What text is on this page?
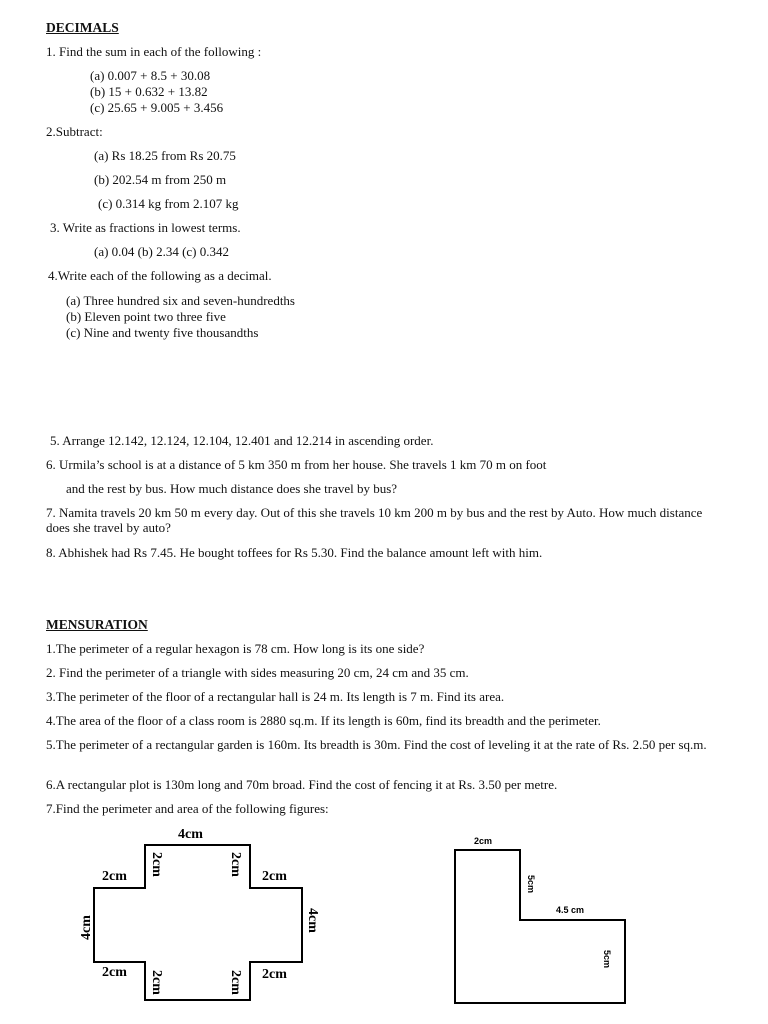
DECIMALS
1. Find the sum in each of the following :
(a) 0.007 + 8.5 + 30.08
(b) 15 + 0.632 + 13.82
(c) 25.65 + 9.005 + 3.456
2.Subtract:
(a) Rs 18.25 from Rs 20.75
(b) 202.54 m from 250 m
(c) 0.314 kg from 2.107 kg
3. Write as fractions in lowest terms.
(a) 0.04 (b) 2.34 (c) 0.342
4.Write each of the following as a decimal.
(a) Three hundred six and seven-hundredths
(b) Eleven point two three five
(c) Nine and twenty five thousandths
5. Arrange 12.142, 12.124, 12.104, 12.401 and 12.214 in ascending order.
6. Urmila’s school is at a distance of 5 km 350 m from her house. She travels 1 km 70 m on foot
and the rest by bus. How much distance does she travel by bus?
7. Namita travels 20 km 50 m every day. Out of this she travels 10 km 200 m by bus and the rest by Auto. How much distance does she travel by auto?
8. Abhishek had Rs 7.45. He bought toffees for Rs 5.30. Find the balance amount left with him.
MENSURATION
1.The perimeter of a regular hexagon is 78 cm. How long is its one side?
2. Find the perimeter of a triangle with sides measuring 20 cm, 24 cm and 35 cm.
3.The perimeter of the floor of a rectangular hall is 24 m. Its length is 7 m. Find its area.
4.The area of the floor of a class room is 2880 sq.m. If its length is 60m, find its breadth and the perimeter.
5.The perimeter of a rectangular garden is 160m. Its breadth is 30m. Find the cost of leveling it at the rate of Rs. 2.50 per sq.m.
6.A rectangular plot is 130m long and 70m broad. Find the cost of fencing it at Rs. 3.50 per metre.
7.Find the perimeter and area of the following figures:
4cm
2cm 2cm	2cm 2cm
4cm	4cm
2cm 2cm	2cm 2cm
2cm
5cm
4.5 cm
5cm
